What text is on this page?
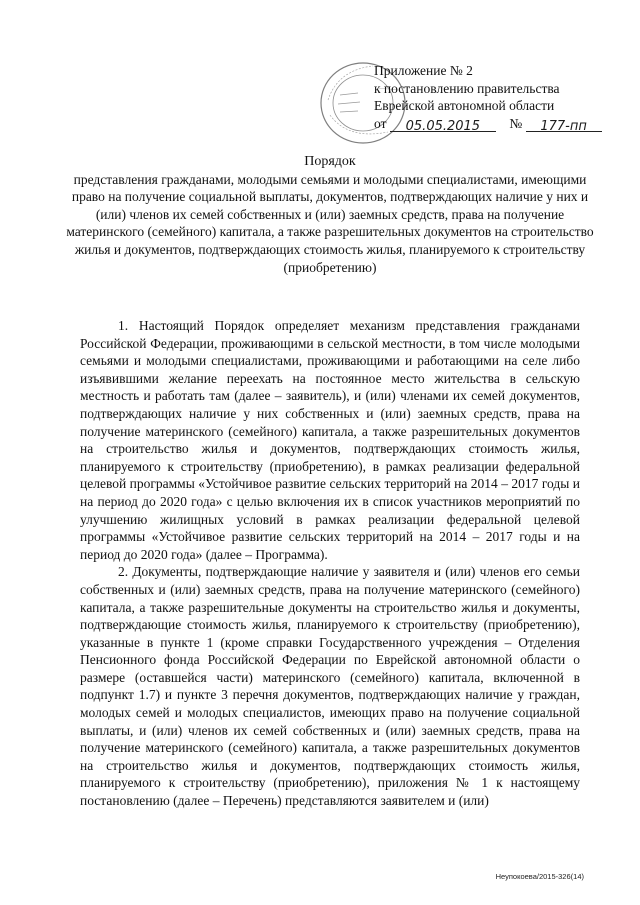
Приложение № 2
к постановлению правительства
Еврейской автономной области
от 05.05.2015 № 177-пп
Порядок
представления гражданами, молодыми семьями и молодыми специалистами, имеющими право на получение социальной выплаты, документов, подтверждающих наличие у них и (или) членов их семей собственных и (или) заемных средств, права на получение материнского (семейного) капитала, а также разрешительных документов на строительство жилья и документов, подтверждающих стоимость жилья, планируемого к строительству (приобретению)

1. Настоящий Порядок определяет механизм представления гражданами Российской Федерации, проживающими в сельской местности, в том числе молодыми семьями и молодыми специалистами, проживающими и работающими на селе либо изъявившими желание переехать на постоянное место жительства в сельскую местность и работать там (далее – заявитель), и (или) членами их семей документов, подтверждающих наличие у них собственных и (или) заемных средств, права на получение материнского (семейного) капитала, а также разрешительных документов на строительство жилья и документов, подтверждающих стоимость жилья, планируемого к строительству (приобретению), в рамках реализации федеральной целевой программы «Устойчивое развитие сельских территорий на 2014 – 2017 годы и на период до 2020 года» с целью включения их в список участников мероприятий по улучшению жилищных условий в рамках реализации федеральной целевой программы «Устойчивое развитие сельских территорий на 2014 – 2017 годы и на период до 2020 года» (далее – Программа).

2. Документы, подтверждающие наличие у заявителя и (или) членов его семьи собственных и (или) заемных средств, права на получение материнского (семейного) капитала, а также разрешительные документы на строительство жилья и документы, подтверждающие стоимость жилья, планируемого к строительству (приобретению), указанные в пункте 1 (кроме справки Государственного учреждения – Отделения Пенсионного фонда Российской Федерации по Еврейской автономной области о размере (оставшейся части) материнского (семейного) капитала, включенной в подпункт 1.7) и пункте 3 перечня документов, подтверждающих наличие у граждан, молодых семей и молодых специалистов, имеющих право на получение социальной выплаты, и (или) членов их семей собственных и (или) заемных средств, права на получение материнского (семейного) капитала, а также разрешительных документов на строительство жилья и документов, подтверждающих стоимость жилья, планируемого к строительству (приобретению), приложения № 1 к настоящему постановлению (далее – Перечень) представляются заявителем и (или)

Неупокоева/2015-326(14)
